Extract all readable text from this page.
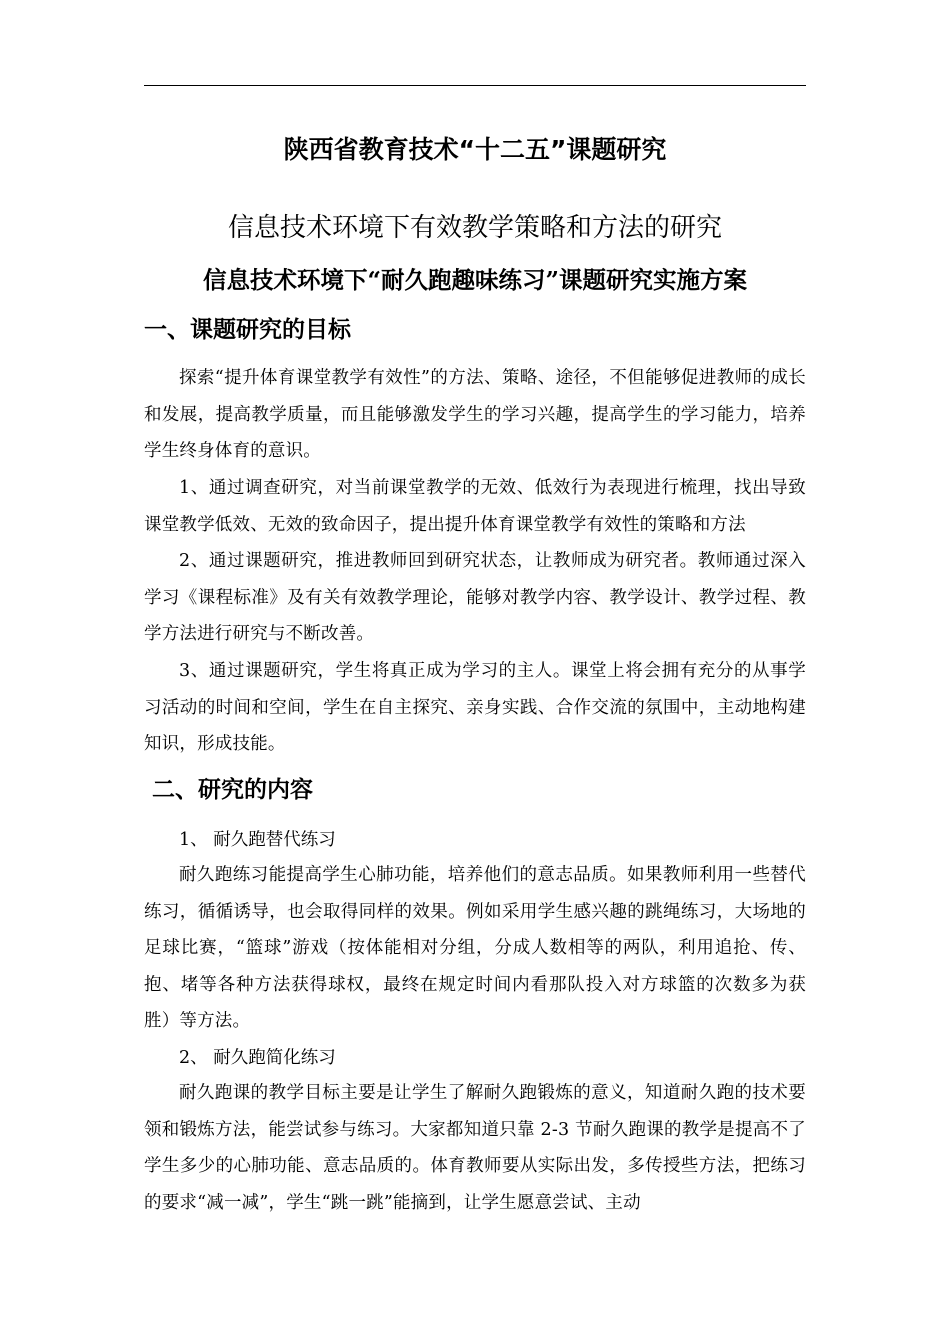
陕西省教育技术“十二五”课题研究
信息技术环境下有效教学策略和方法的研究
信息技术环境下“耐久跑趣味练习”课题研究实施方案
一、课题研究的目标
探索“提升体育课堂教学有效性”的方法、策略、途径，不但能够促进教师的成长和发展，提高教学质量，而且能够激发学生的学习兴趣，提高学生的学习能力，培养学生终身体育的意识。
1、通过调查研究，对当前课堂教学的无效、低效行为表现进行梳理，找出导致课堂教学低效、无效的致命因子，提出提升体育课堂教学有效性的策略和方法
2、通过课题研究，推进教师回到研究状态，让教师成为研究者。教师通过深入学习《课程标准》及有关有效教学理论，能够对教学内容、教学设计、教学过程、教学方法进行研究与不断改善。
3、通过课题研究，学生将真正成为学习的主人。课堂上将会拥有充分的从事学习活动的时间和空间，学生在自主探究、亲身实践、合作交流的氛围中，主动地构建知识，形成技能。
二、研究的内容
1、 耐久跑替代练习
耐久跑练习能提高学生心肺功能，培养他们的意志品质。如果教师利用一些替代练习，循循诱导，也会取得同样的效果。例如采用学生感兴趣的跳绳练习，大场地的足球比赛，“篮球”游戏（按体能相对分组，分成人数相等的两队，利用追抢、传、抱、堵等各种方法获得球权，最终在规定时间内看那队投入对方球篮的次数多为获胜）等方法。
2、 耐久跑简化练习
耐久跑课的教学目标主要是让学生了解耐久跑锻炼的意义，知道耐久跑的技术要领和锻炼方法，能尝试参与练习。大家都知道只靠 2-3 节耐久跑课的教学是提高不了学生多少的心肺功能、意志品质的。体育教师要从实际出发，多传授些方法，把练习的要求“减一减”，学生“跳一跳”能摘到，让学生愿意尝试、主动
